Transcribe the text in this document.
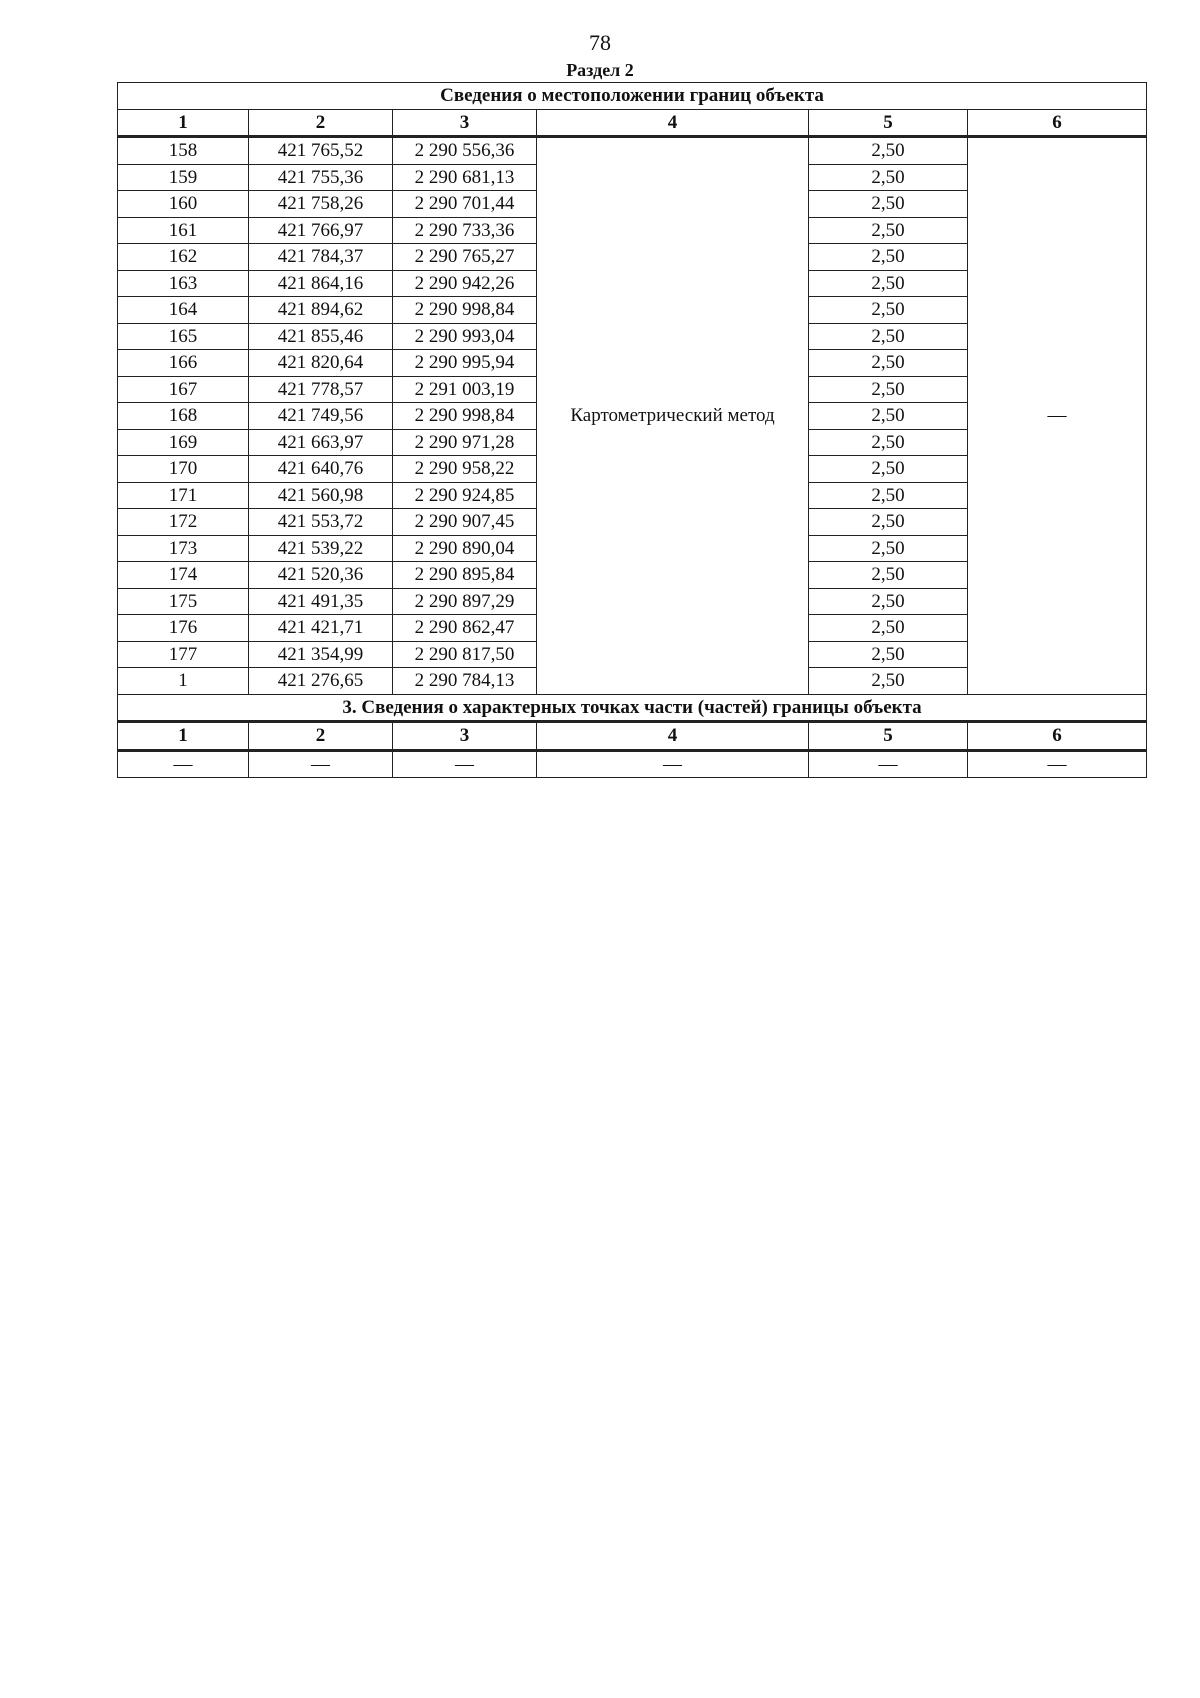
78
Раздел 2
Сведения о местоположении границ объекта					
1	2	3	4	5	6
158	421 765,52	2 290 556,36	Картометрический метод	2,50	—
159	421 755,36	2 290 681,13		2,50	
160	421 758,26	2 290 701,44		2,50	
161	421 766,97	2 290 733,36		2,50	
162	421 784,37	2 290 765,27		2,50	
163	421 864,16	2 290 942,26		2,50	
164	421 894,62	2 290 998,84		2,50	
165	421 855,46	2 290 993,04		2,50	
166	421 820,64	2 290 995,94		2,50	
167	421 778,57	2 291 003,19		2,50	
168	421 749,56	2 290 998,84		2,50	
169	421 663,97	2 290 971,28		2,50	
170	421 640,76	2 290 958,22		2,50	
171	421 560,98	2 290 924,85		2,50	
172	421 553,72	2 290 907,45		2,50	
173	421 539,22	2 290 890,04		2,50	
174	421 520,36	2 290 895,84		2,50	
175	421 491,35	2 290 897,29		2,50	
176	421 421,71	2 290 862,47		2,50	
177	421 354,99	2 290 817,50		2,50	
1	421 276,65	2 290 784,13		2,50	
3. Сведения о характерных точках части (частей) границы объекта					
1	2	3	4	5	6
—	—	—	—	—	—
